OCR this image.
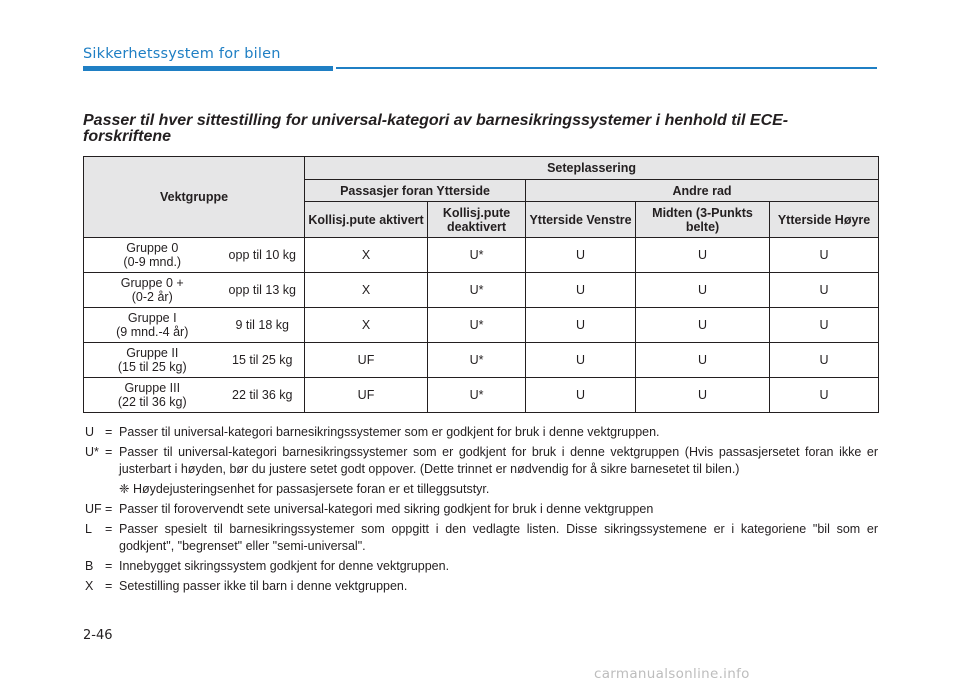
Sikkerhetssystem for bilen
Passer til hver sittestilling for universal-kategori av barnesikringssystemer i henhold til ECE-forskriftene
Vektgruppe		Seteplassering				
		Passasjer foran Ytterside		Andre rad		
		Kollisj.pute aktivert	Kollisj.pute deaktivert	Ytterside Venstre	Midten (3-Punkts belte)	Ytterside Høyre

Gruppe 0
(0-9 mnd.)	opp til 10 kg	X	U*	U	U	U

Gruppe 0 +
(0-2 år)	opp til 13 kg	X	U*	U	U	U

Gruppe I
(9 mnd.-4 år)	9 til 18 kg	X	U*	U	U	U

Gruppe II
(15 til 25 kg)	15 til 25 kg	UF	U*	U	U	U

Gruppe III
(22 til 36 kg)	22 til 36 kg	UF	U*	U	U	U
U = Passer til universal-kategori barnesikringssystemer som er godkjent for bruk i denne vektgruppen.
U* = Passer til universal-kategori barnesikringssystemer som er godkjent for bruk i denne vektgruppen (Hvis passasjersetet foran ikke er justerbart i høyden, bør du justere setet godt oppover. (Dette trinnet er nødvendig for å sikre barnesetet til bilen.)
❈ Høydejusteringsenhet for passasjersete foran er et tilleggsutstyr.
UF = Passer til forovervendt sete universal-kategori med sikring godkjent for bruk i denne vektgruppen
L	= Passer spesielt til barnesikringssystemer som oppgitt i den vedlagte listen. Disse sikringssystemene er i kategoriene "bil som er godkjent", "begrenset" eller "semi-universal".
B = Innebygget sikringssystem godkjent for denne vektgruppen.
X = Setestilling passer ikke til barn i denne vektgruppen.
2-46
carmanualsonline.info
